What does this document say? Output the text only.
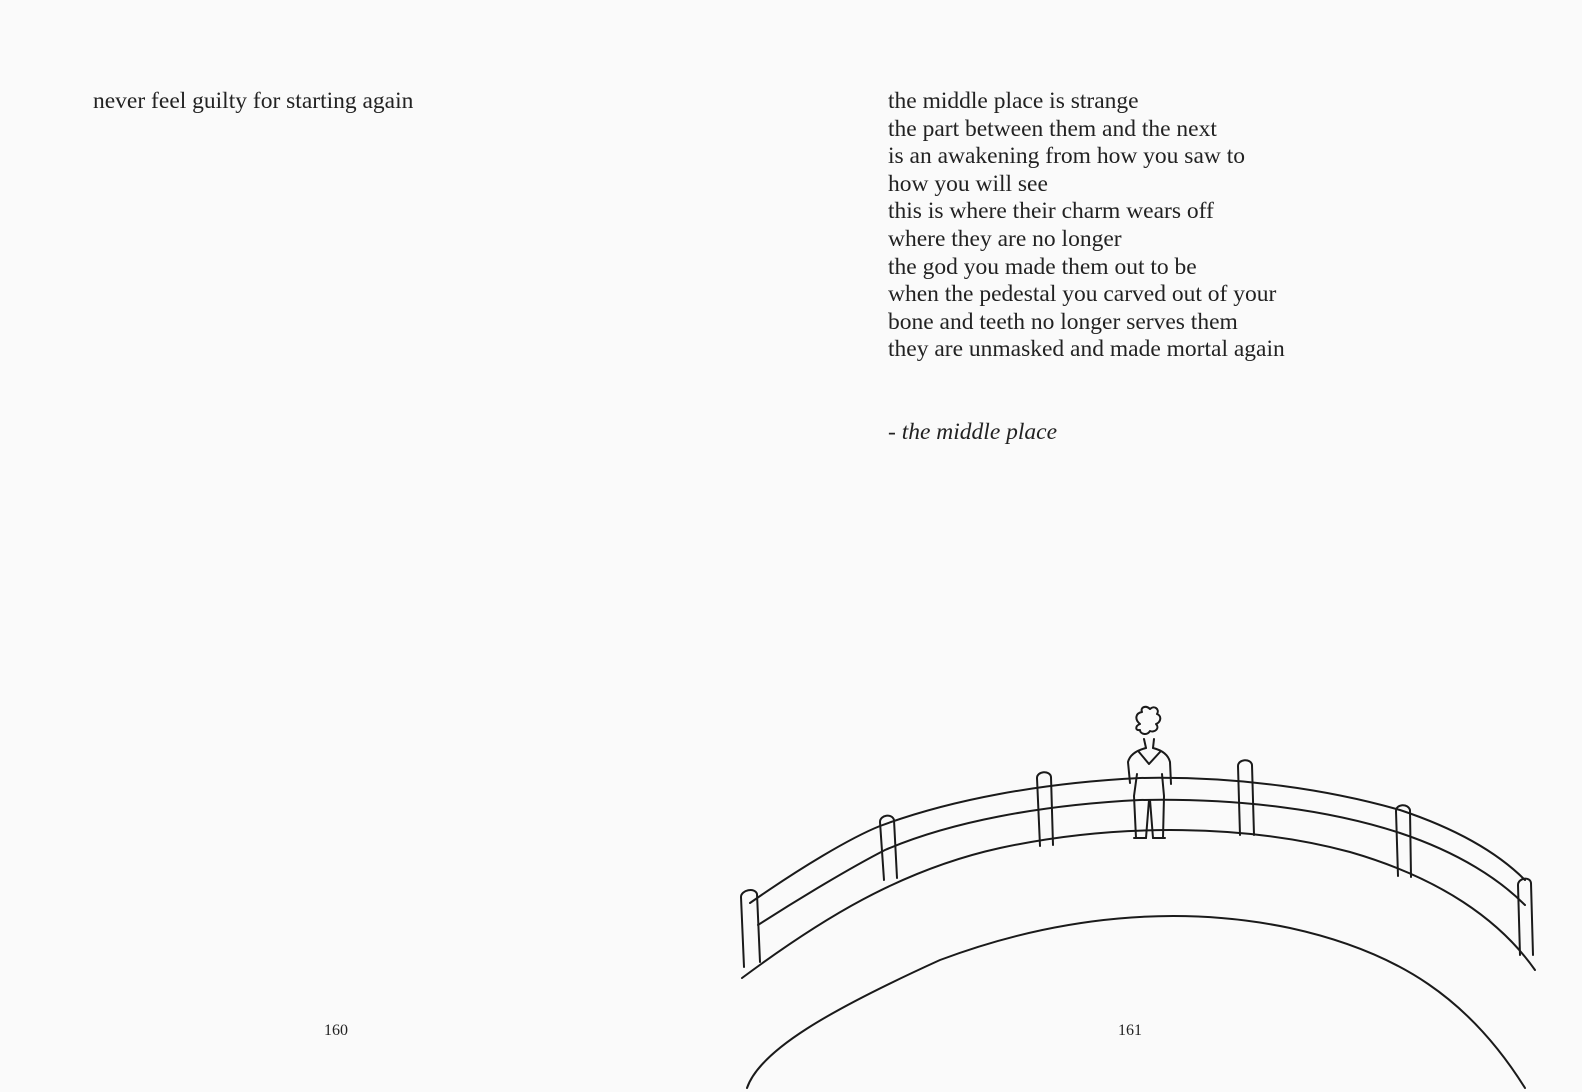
never feel guilty for starting again
160
the middle place is strange
the part between them and the next
is an awakening from how you saw to
how you will see
this is where their charm wears off
where they are no longer
the god you made them out to be
when the pedestal you carved out of your
bone and teeth no longer serves them
they are unmasked and made mortal again
- the middle place
161
